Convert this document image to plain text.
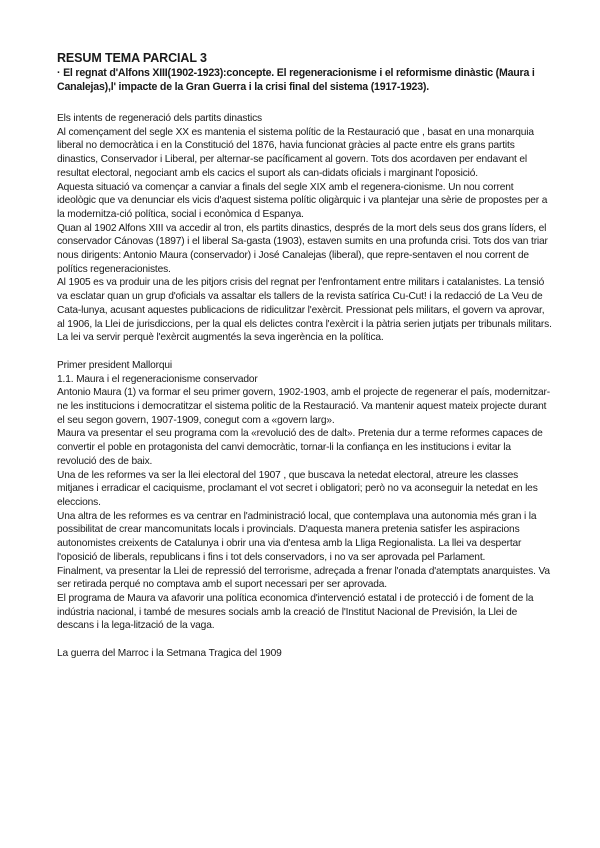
RESUM TEMA PARCIAL 3

· El regnat d'Alfons XIII(1902-1923):concepte. El regeneracionisme i el reformisme dinàstic (Maura i Canalejas),l' impacte de la Gran Guerra i la crisi final del sistema (1917-1923).

Els intents de regeneració dels partits dinastics

Al començament del segle XX es mantenia el sistema polític de la Restauració que , basat en una monarquia liberal no democràtica i en la Constitució del 1876, havia funcionat gràcies al pacte entre els grans partits dinastics, Conservador i Liberal, per alternar-se pacíficament al govern. Tots dos acordaven per endavant el resultat electoral, negociant amb els cacics el suport als can-didats oficials i marginant l'oposició.

Aquesta situació va començar a canviar a finals del segle XIX amb el regenera-cionisme. Un nou corrent ideològic que va denunciar els vicis d'aquest sistema polític oligàrquic i va plantejar una sèrie de propostes per a la modernitza-ció política, social i econòmica d Espanya.

Quan al 1902 Alfons XIII va accedir al tron, els partits dinastics, després de la mort dels seus dos grans líders, el conservador Cánovas (1897) i el liberal Sa-gasta (1903), estaven sumits en una profunda crisi. Tots dos van triar nous dirigents: Antonio Maura (conservador) i José Canalejas (liberal), que repre-sentaven el nou corrent de polítics regeneracionistes.

Al 1905 es va produir una de les pitjors crisis del regnat per l'enfrontament entre militars i catalanistes. La tensió va esclatar quan un grup d'oficials va assaltar els tallers de la revista satírica Cu-Cut! i la redacció de La Veu de Cata-lunya, acusant aquestes publicacions de ridiculitzar l'exèrcit. Pressionat pels militars, el govern va aprovar, al 1906, la Llei de jurisdiccions, per la qual els delictes contra l'exèrcit i la pàtria serien jutjats per tribunals militars. La lei va servir perquè l'exèrcit augmentés la seva ingerència en la política.

Primer president Mallorqui

1.1. Maura i el regeneracionisme conservador

Antonio Maura (1) va formar el seu primer govern, 1902-1903, amb el projecte de regenerar el país, modernitzar-ne les institucions i democratitzar el sistema politic de la Restauració. Va mantenir aquest mateix projecte durant el seu segon govern, 1907-1909, conegut com a «govern larg».

Maura va presentar el seu programa com la «revolució des de dalt». Pretenia dur a terme reformes capaces de convertir el poble en protagonista del canvi democràtic, tornar-li la confiança en les institucions i evitar la revolució des de baix.

Una de les reformes va ser la llei electoral del 1907 , que buscava la netedat electoral, atreure les classes mitjanes i erradicar el caciquisme, proclamant el vot secret i obligatori; però no va aconseguir la netedat en les eleccions.

Una altra de les reformes es va centrar en l'administració local, que contemplava una autonomia més gran i la possibilitat de crear mancomunitats locals i provincials. D'aquesta manera pretenia satisfer les aspiracions autonomistes creixents de Catalunya i obrir una via d'entesa amb la Lliga Regionalista. La llei va despertar l'oposició de liberals, republicans i fins i tot dels conservadors, i no va ser aprovada pel Parlament.

Finalment, va presentar la Llei de repressió del terrorisme, adreçada a frenar l'onada d'atemptats anarquistes. Va ser retirada perqué no comptava amb el suport necessari per ser aprovada.

El programa de Maura va afavorir una política economica d'intervenció estatal i de protecció i de foment de la indústria nacional, i també de mesures socials amb la creació de l'Institut Nacional de Previsión, la Llei de descans i la lega-lització de la vaga.

La guerra del Marroc i la Setmana Tragica del 1909
